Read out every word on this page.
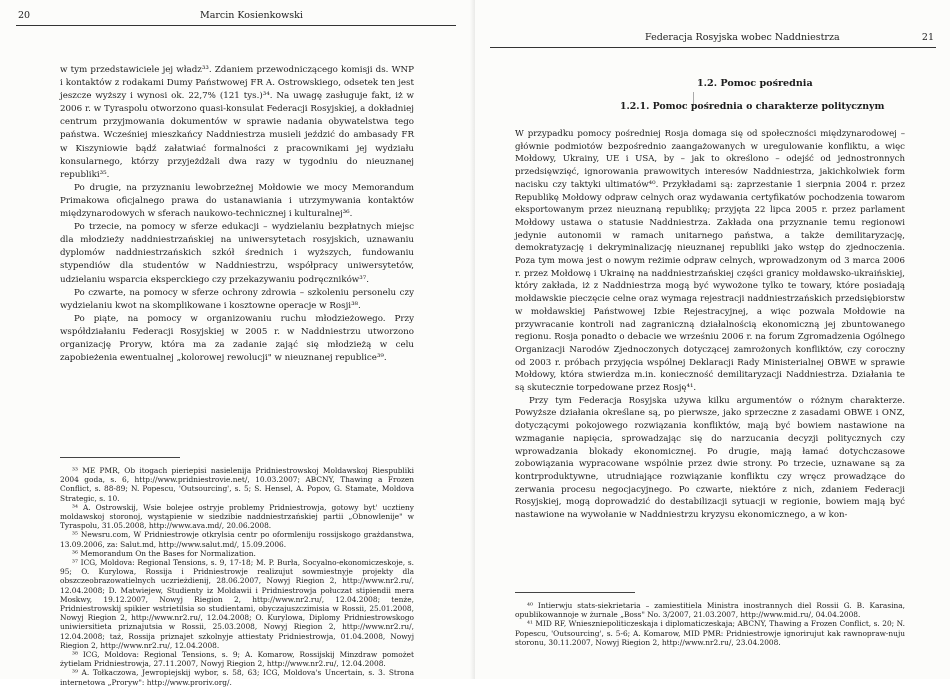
20	Marcin Kosienkowski

w tym przedstawiciele jej władz³³. Zdaniem przewodniczącego komisji ds. WNP i kontaktów z rodakami Dumy Państwowej FR A. Ostrowskiego, odsetek ten jest jeszcze wyższy i wynosi ok. 22,7% (121 tys.)³⁴. Na uwagę zasługuje fakt, iż w 2006 r. w Tyraspolu otworzono quasi-konsulat Federacji Rosyjskiej, a dokładniej centrum przyjmowania dokumentów w sprawie nadania obywatelstwa tego państwa. Wcześniej mieszkańcy Naddniestrza musieli jeździć do ambasady FR w Kiszyniowie bądź załatwiać formalności z pracownikami jej wydziału konsularnego, którzy przyjeżdżali dwa razy w tygodniu do nieuznanej republiki³⁵.

Po drugie, na przyznaniu lewobrzeżnej Mołdowie we mocy Memorandum Primakowa oficjalnego prawa do ustanawiania i utrzymywania kontaktów międzynarodowych w sferach naukowo-technicznej i kulturalnej³⁶.

Po trzecie, na pomocy w sferze edukacji – wydzielaniu bezpłatnych miejsc dla młodzieży naddniestrzańskiej na uniwersytetach rosyjskich, uznawaniu dyplomów naddniestrzańskich szkół średnich i wyższych, fundowaniu stypendiów dla studentów w Naddniestrzu, współpracy uniwersytetów, udzielaniu wsparcia eksperckiego czy przekazywaniu podręczników³⁷.

Po czwarte, na pomocy w sferze ochrony zdrowia – szkoleniu personelu czy wydzielaniu kwot na skomplikowane i kosztowne operacje w Rosji³⁸.

Po piąte, na pomocy w organizowaniu ruchu młodzieżowego. Przy współdziałaniu Federacji Rosyjskiej w 2005 r. w Naddniestrzu utworzono organizację Proryw, która ma za zadanie zająć się młodzieżą w celu zapobieżenia ewentualnej „kolorowej rewolucji" w nieuznanej republice³⁹.

³³ ME PMR, Ob itogach pieriepisi nasielenija Pridniestrowskoj Moldawskoj Riespubliki 2004 goda, s. 6, http://www.pridniestrovie.net/, 10.03.2007; ABCNY, Thawing a Frozen Conflict, s. 88-89; N. Popescu, 'Outsourcing', s. 5; S. Hensel, A. Popov, G. Stamate, Moldova Strategic, s. 10.

³⁴ A. Ostrowskij, Wsie bolejee ostryje problemy Pridniestrowja, gotowy byt' ucztieny moldawskoj storonoj, wystąpienie w siedzibie naddniestrzańskiej partii „Obnowlenije" w Tyraspolu, 31.05.2008, http://www.ava.md/, 20.06.2008.

³⁵ Newsru.com, W Pridniestrowje otkrylsia centr po oformleniju rossijskogo grażdanstwa, 13.09.2006, za: Salut.md, http://www.salut.md/, 15.09.2006.

³⁶ Memorandum On the Bases for Normalization.

³⁷ ICG, Moldova: Regional Tensions, s. 9, 17-18; M. P. Burła, Socyalno-ekonomiczeskoje, s. 95; O. Kurylowa, Rossija i Pridniestrowje realizujut sowmiestnyje projekty dla obszczeobrazowatielnych uczrieżdienij, 28.06.2007, Nowyj Riegion 2, http://www.nr2.ru/, 12.04.2008; D. Matwiejew, Studienty iz Moldawii i Pridniestrowja połuczat stipiendii mera Moskwy, 19.12.2007, Nowyj Riegion 2, http://www.nr2.ru/, 12.04.2008; tenże, Pridniestrowskij spikier wstrietilsia so studientami, obyczajuszczimisia w Rossii, 25.01.2008, Nowyj Riegion 2, http://www.nr2.ru/, 12.04.2008; O. Kurylowa, Diplomy Pridniestrowskogo uniwiersitieta priznajutsia w Rossii, 25.03.2008, Nowyj Riegion 2, http://www.nr2.ru/, 12.04.2008; taż, Rossija priznajet szkolnyje attiestaty Pridniestrowja, 01.04.2008, Nowyj Riegion 2, http://www.nr2.ru/, 12.04.2008.

³⁸ ICG, Moldova: Regional Tensions, s. 9; A. Komarow, Rossijskij Minzdraw pomożet żytielam Pridniestrowja, 27.11.2007, Nowyj Riegion 2, http://www.nr2.ru/, 12.04.2008.

³⁹ A. Tołkaczowa, Jewropiejskij wybor, s. 58, 63; ICG, Moldova's Uncertain, s. 3. Strona internetowa „Proryw": http://www.proriv.org/.

Federacja Rosyjska wobec Naddniestrza	21
1.2. Pomoc pośrednia
1.2.1. Pomoc pośrednia o charakterze politycznym

W przypadku pomocy pośredniej Rosja domaga się od społeczności międzynarodowej – głównie podmiotów bezpośrednio zaangażowanych w uregulowanie konfliktu, a więc Mołdowy, Ukrainy, UE i USA, by – jak to określono – odejść od jednostronnych przedsięwzięć, ignorowania prawowitych interesów Naddniestrza, jakichkolwiek form nacisku czy taktyki ultimatów⁴⁰. Przykładami są: zaprzestanie 1 sierpnia 2004 r. przez Republikę Mołdowy odpraw celnych oraz wydawania certyfikatów pochodzenia towarom eksportowanym przez nieuznaną republikę; przyjęta 22 lipca 2005 r. przez parlament Mołdowy ustawa o statusie Naddniestrza. Zakłada ona przyznanie temu regionowi jedynie autonomii w ramach unitarnego państwa, a także demilitaryzację, demokratyzację i dekryminalizację nieuznanej republiki jako wstęp do zjednoczenia. Poza tym mowa jest o nowym reżimie odpraw celnych, wprowadzonym od 3 marca 2006 r. przez Mołdowę i Ukrainę na naddniestrzańskiej części granicy mołdawsko-ukraińskiej, który zakłada, iż z Naddniestrza mogą być wywożone tylko te towary, które posiadają mołdawskie pieczęcie celne oraz wymaga rejestracji naddniestrzańskich przedsiębiorstw w mołdawskiej Państwowej Izbie Rejestracyjnej, a więc pozwala Mołdowie na przywracanie kontroli nad zagraniczną działalnością ekonomiczną jej zbuntowanego regionu. Rosja ponadto o debacie we wrześniu 2006 r. na forum Zgromadzenia Ogólnego Organizacji Narodów Zjednoczonych dotyczącej zamrożonych konfliktów, czy coroczny od 2003 r. próbach przyjęcia wspólnej Deklaracji Rady Ministerialnej OBWE w sprawie Mołdowy, która stwierdza m.in. konieczność demilitaryzacji Naddniestrza. Działania te są skutecznie torpedowane przez Rosję⁴¹.

Przy tym Federacja Rosyjska używa kilku argumentów o różnym charakterze. Powyższe działania określane są, po pierwsze, jako sprzeczne z zasadami OBWE i ONZ, dotyczącymi pokojowego rozwiązania konfliktów, mają być bowiem nastawione na wzmaganie napięcia, sprowadzając się do narzucania decyzji politycznych czy wprowadzania blokady ekonomicznej. Po drugie, mają łamać dotychczasowe zobowiązania wypracowane wspólnie przez dwie strony. Po trzecie, uznawane są za kontrproduktywne, utrudniające rozwiązanie konfliktu czy wręcz prowadzące do zerwania procesu negocjacyjnego. Po czwarte, niektóre z nich, zdaniem Federacji Rosyjskiej, mogą doprowadzić do destabilizacji sytuacji w regionie, bowiem mają być nastawione na wywołanie w Naddniestrzu kryzysu ekonomicznego, a w kon-

⁴⁰ Intierwju stats-siekrietaria – zamiestitiela Ministra inostrannych diel Rossii G. B. Karasina, opublikowannoje w żurnale „Boss" No. 3/2007, 21.03.2007, http://www.mid.ru/, 04.04.2008.

⁴¹ MID RF, Wnieszniepoliticzeskaja i diplomaticzeskaja; ABCNY, Thawing a Frozen Conflict, s. 20; N. Popescu, 'Outsourcing', s. 5-6; A. Komarow, MID PMR: Pridniestrowje ignorirujut kak rawnopraw-nuju storonu, 30.11.2007, Nowyj Riegion 2, http://www.nr2.ru/, 23.04.2008.
